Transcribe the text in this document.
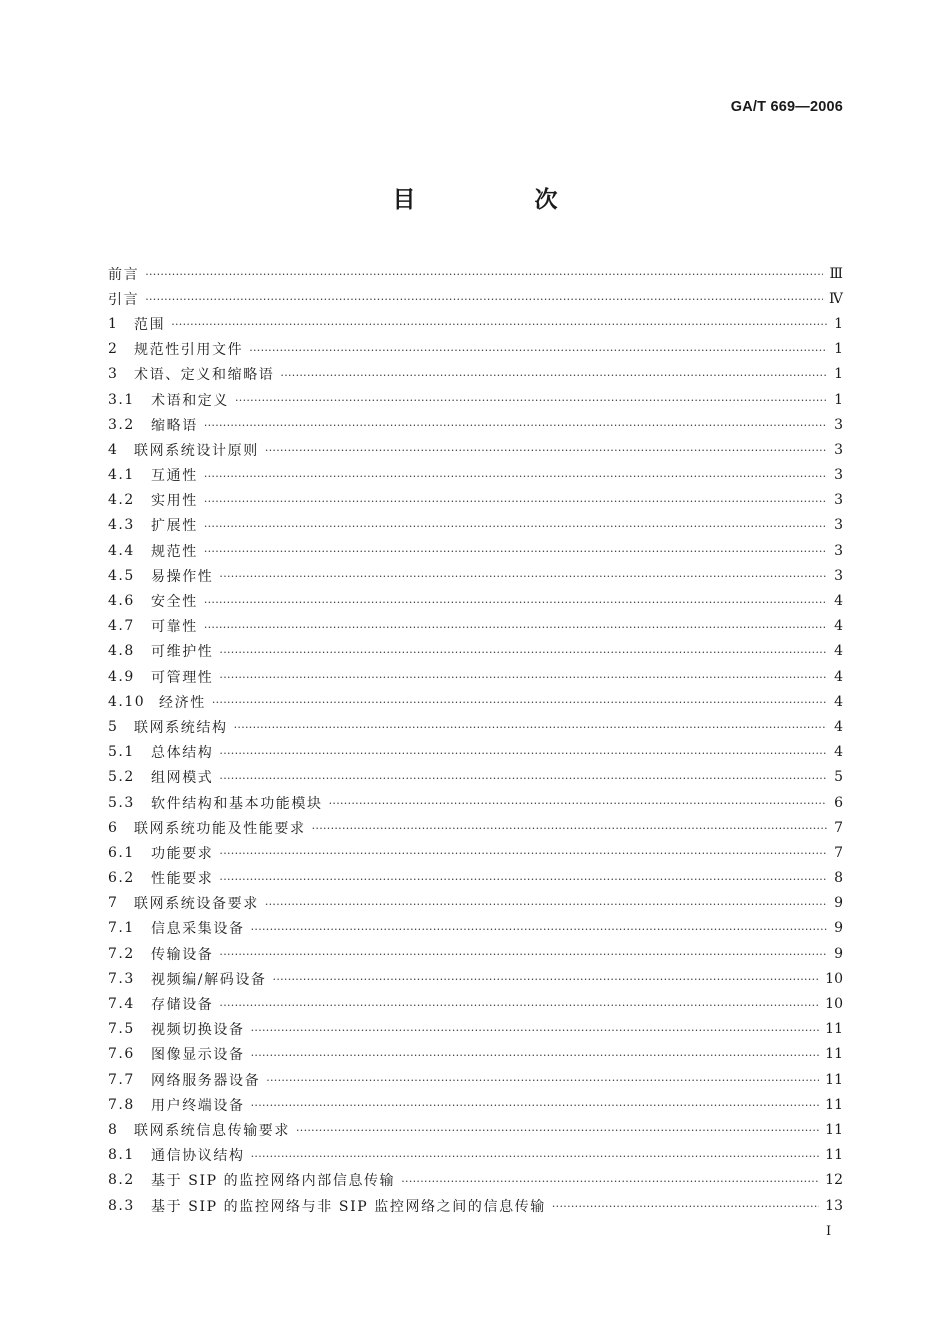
GA/T 669—2006
目　次
前言 ·····	Ⅲ
引言 ·····	Ⅳ
1	范围 ·····	1
2	规范性引用文件 ·····	1
3	术语、定义和缩略语 ·····	1
3.1	术语和定义 ·····	1
3.2	缩略语 ·····	3
4	联网系统设计原则 ·····	3
4.1	互通性 ·····	3
4.2	实用性 ·····	3
4.3	扩展性 ·····	3
4.4	规范性 ·····	3
4.5	易操作性 ·····	3
4.6	安全性 ·····	4
4.7	可靠性 ·····	4
4.8	可维护性 ·····	4
4.9	可管理性 ·····	4
4.10 经济性 ·····	4
5	联网系统结构 ·····	4
5.1	总体结构 ·····	4
5.2	组网模式 ·····	5
5.3	软件结构和基本功能模块 ·····	6
6	联网系统功能及性能要求 ·····	7
6.1	功能要求 ·····	7
6.2	性能要求 ·····	8
7	联网系统设备要求 ·····	9
7.1	信息采集设备 ·····	9
7.2	传输设备 ·····	9
7.3	视频编/解码设备 ·····	10
7.4	存储设备 ·····	10
7.5	视频切换设备 ·····	11
7.6	图像显示设备 ·····	11
7.7	网络服务器设备 ·····	11
7.8	用户终端设备 ·····	11
8	联网系统信息传输要求 ·····	11
8.1	通信协议结构 ·····	11
8.2	基于 SIP 的监控网络内部信息传输 ·····	12
8.3	基于 SIP 的监控网络与非 SIP 监控网络之间的信息传输 ·····	13
I
